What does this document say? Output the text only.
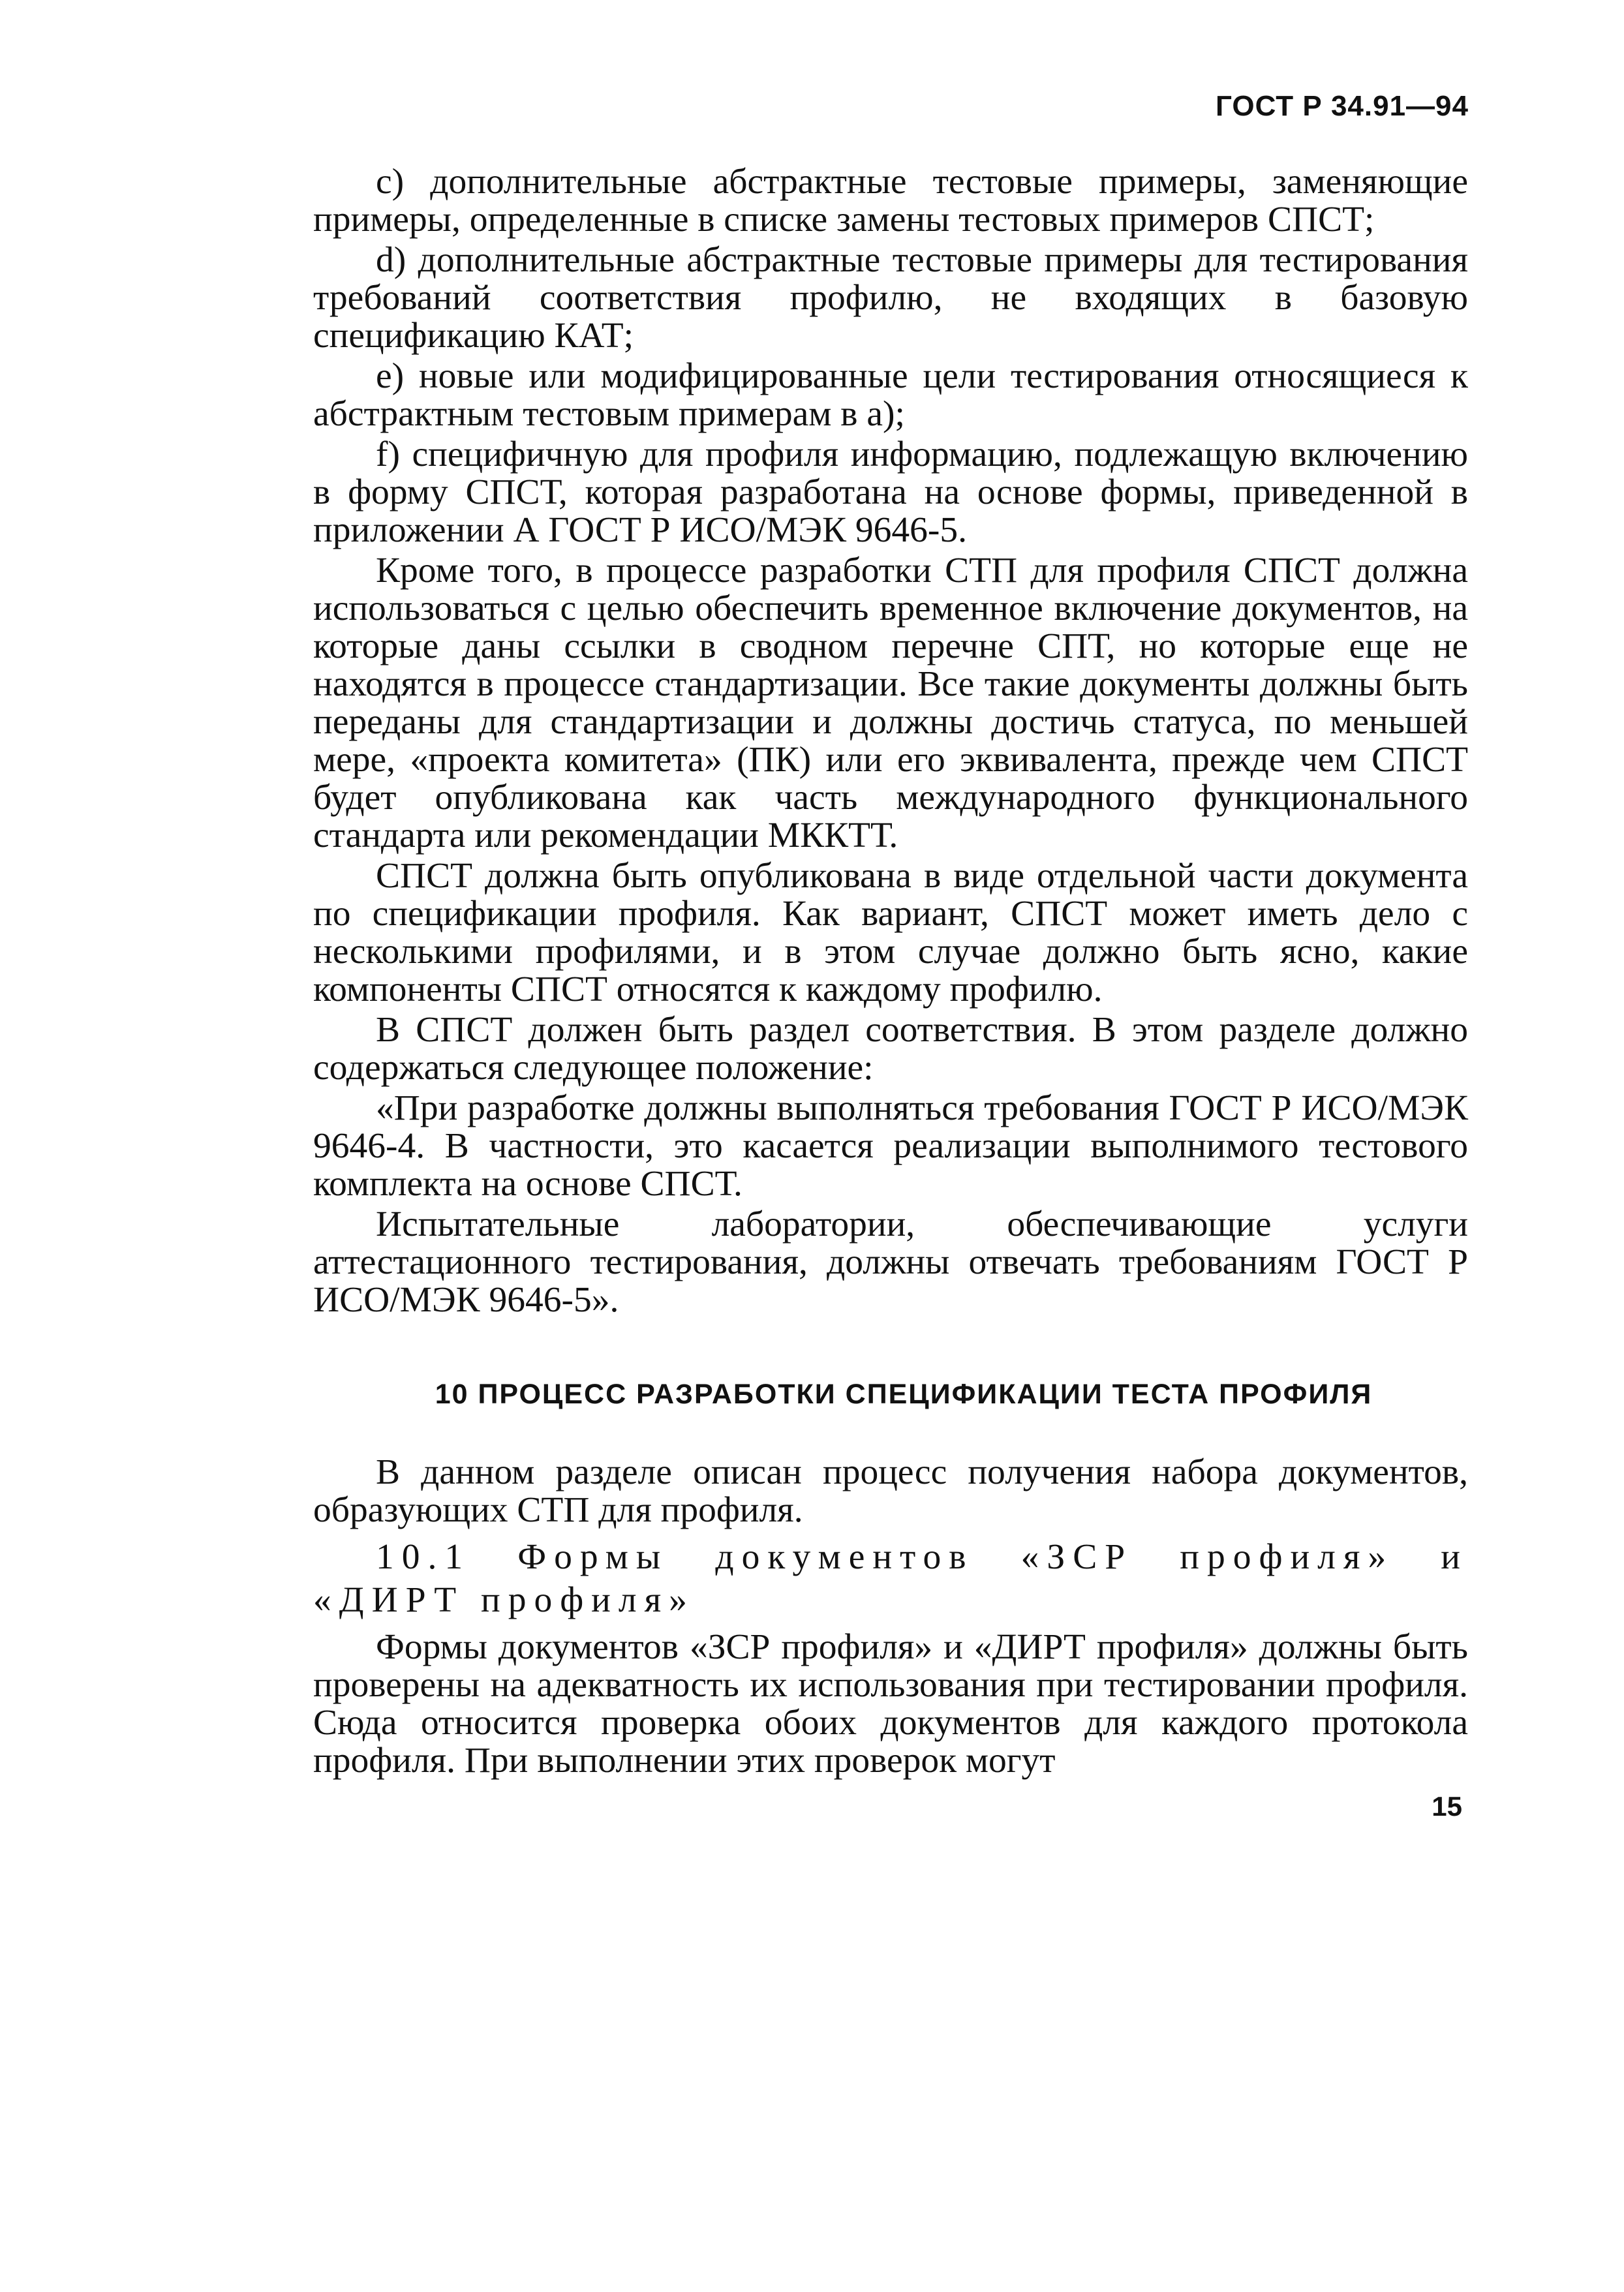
ГОСТ Р 34.91—94

с) дополнительные абстрактные тестовые примеры, заменяющие примеры, определенные в списке замены тестовых примеров СПСТ;

d) дополнительные абстрактные тестовые примеры для тестирования требований соответствия профилю, не входящих в базовую спецификацию КАТ;

е) новые или модифицированные цели тестирования относящиеся к абстрактным тестовым примерам в а);

f) специфичную для профиля информацию, подлежащую включению в форму СПСТ, которая разработана на основе формы, приведенной в приложении А ГОСТ Р ИСО/МЭК 9646-5.

Кроме того, в процессе разработки СТП для профиля СПСТ должна использоваться с целью обеспечить временное включение документов, на которые даны ссылки в сводном перечне СПТ, но которые еще не находятся в процессе стандартизации. Все такие документы должны быть переданы для стандартизации и должны достичь статуса, по меньшей мере, «проекта комитета» (ПК) или его эквивалента, прежде чем СПСТ будет опубликована как часть международного функционального стандарта или рекомендации МККТТ.

СПСТ должна быть опубликована в виде отдельной части документа по спецификации профиля. Как вариант, СПСТ может иметь дело с несколькими профилями, и в этом случае должно быть ясно, какие компоненты СПСТ относятся к каждому профилю.

В СПСТ должен быть раздел соответствия. В этом разделе должно содержаться следующее положение:

«При разработке должны выполняться требования ГОСТ Р ИСО/МЭК 9646-4. В частности, это касается реализации выполнимого тестового комплекта на основе СПСТ.

Испытательные лаборатории, обеспечивающие услуги аттестационного тестирования, должны отвечать требованиям ГОСТ Р ИСО/МЭК 9646-5».

10 ПРОЦЕСС РАЗРАБОТКИ СПЕЦИФИКАЦИИ ТЕСТА ПРОФИЛЯ

В данном разделе описан процесс получения набора документов, образующих СТП для профиля.

10.1 Формы документов «ЗСР профиля» и «ДИРТ профиля»

Формы документов «ЗСР профиля» и «ДИРТ профиля» должны быть проверены на адекватность их использования при тестировании профиля. Сюда относится проверка обоих документов для каждого протокола профиля. При выполнении этих проверок могут

15
